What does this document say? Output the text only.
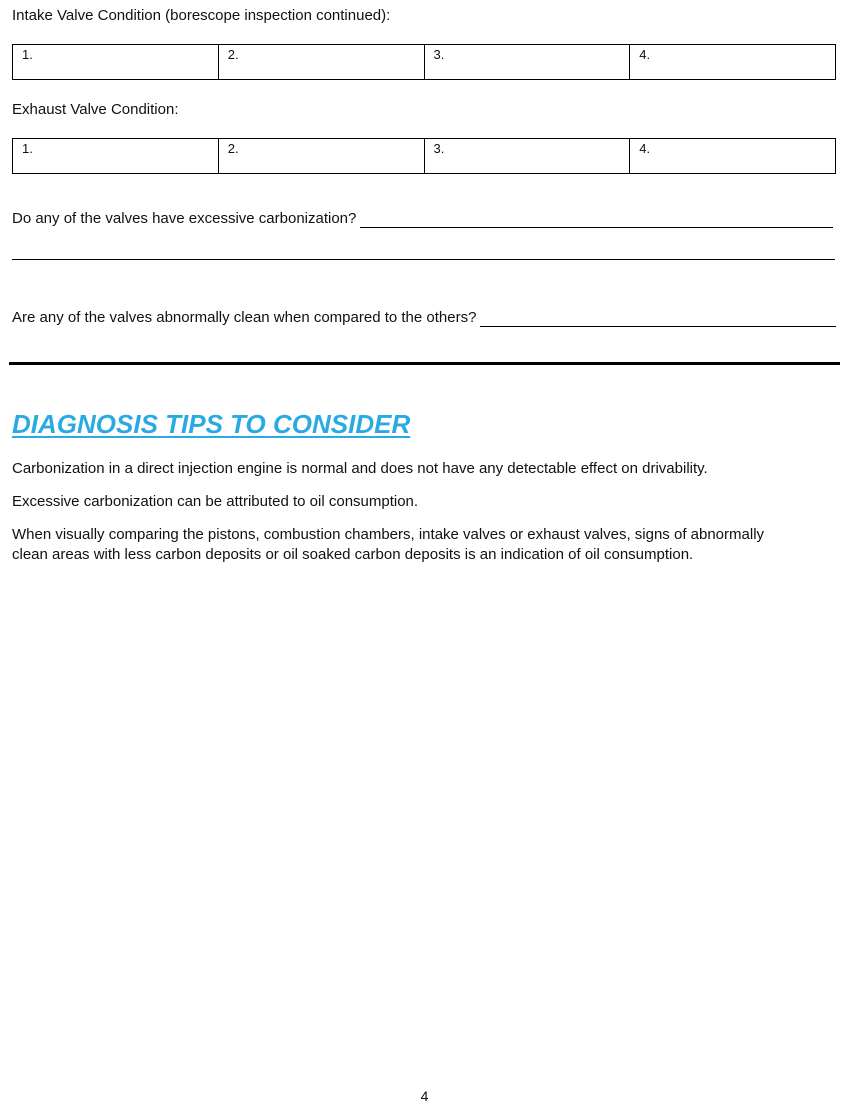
Intake Valve Condition (borescope inspection continued):
1.	2.	3.	4.
Exhaust Valve Condition:
1.	2.	3.	4.
Do any of the valves have excessive carbonization?
Are any of the valves abnormally clean when compared to the others?
DIAGNOSIS TIPS TO CONSIDER
Carbonization in a direct injection engine is normal and does not have any detectable effect on drivability.
Excessive carbonization can be attributed to oil consumption.
When visually comparing the pistons, combustion chambers, intake valves or exhaust valves, signs of abnormally clean areas with less carbon deposits or oil soaked carbon deposits is an indication of oil consumption.
4
